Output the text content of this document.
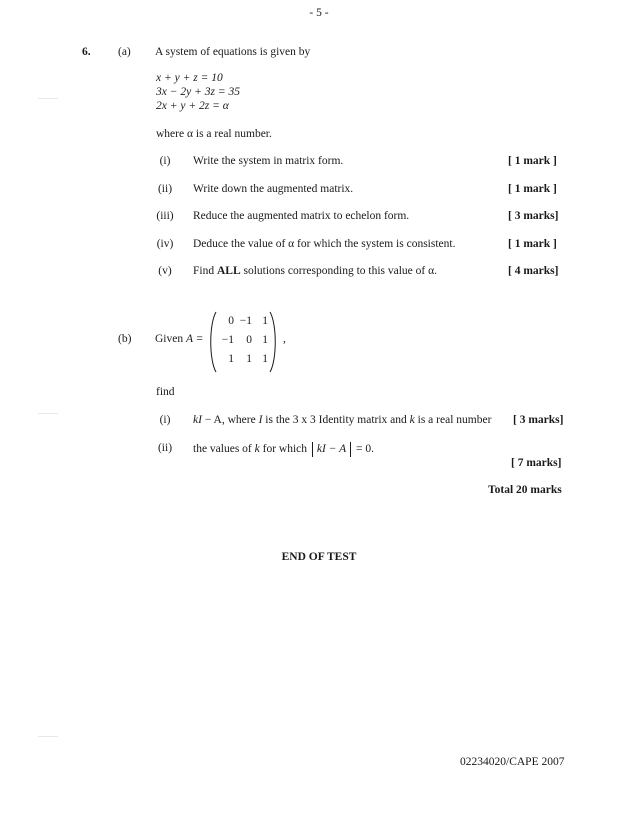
- 5 -
6. (a) A system of equations is given by
x + y + z = 10
3x − 2y + 3z = 35
2x + y + 2z = α
where α is a real number.
(i)	Write the system in matrix form.	[ 1 mark ]
(ii)	Write down the augmented matrix.	[ 1 mark ]
(iii)	Reduce the augmented matrix to echelon form.	[ 3 marks]
(iv)	Deduce the value of α for which the system is consistent.	[ 1 mark ]
(v)	Find ALL solutions corresponding to this value of α.	[ 4 marks]
(b) Given A =
0 −1 1
−1	0 1
1	1 1
,
find
(i)	kI − A, where I is the 3 x 3 Identity matrix and k is a real number [ 3 marks]
(ii)	the values of k for which kI − A = 0.
[ 7 marks]
Total 20 marks
END OF TEST
02234020/CAPE 2007
